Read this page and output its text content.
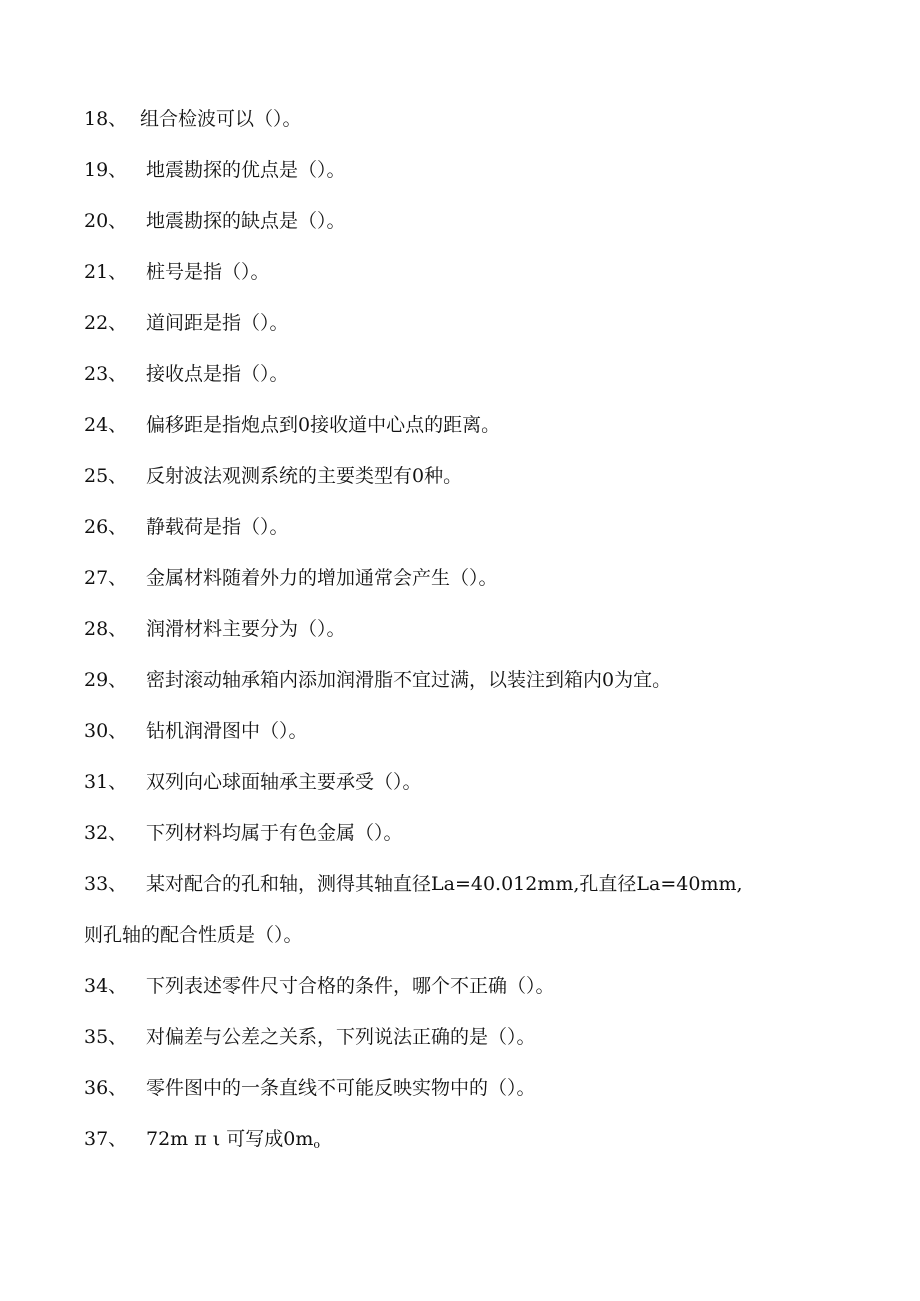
18、 组合检波可以（）。
19、 地震勘探的优点是（）。
20、 地震勘探的缺点是（）。
21、 桩号是指（）。
22、 道间距是指（）。
23、 接收点是指（）。
24、 偏移距是指炮点到0接收道中心点的距离。
25、 反射波法观测系统的主要类型有0种。
26、 静载荷是指（）。
27、 金属材料随着外力的增加通常会产生（）。
28、 润滑材料主要分为（）。
29、 密封滚动轴承箱内添加润滑脂不宜过满，以装注到箱内0为宜。
30、 钻机润滑图中（）。
31、 双列向心球面轴承主要承受（）。
32、 下列材料均属于有色金属（）。
33、 某对配合的孔和轴，测得其轴直径La=40.012mm,孔直径La=40mm,
则孔轴的配合性质是（）。
34、 下列表述零件尺寸合格的条件，哪个不正确（）。
35、 对偏差与公差之关系，下列说法正确的是（）。
36、 零件图中的一条直线不可能反映实物中的（）。
37、 72m π ι 可写成$0m_o$
